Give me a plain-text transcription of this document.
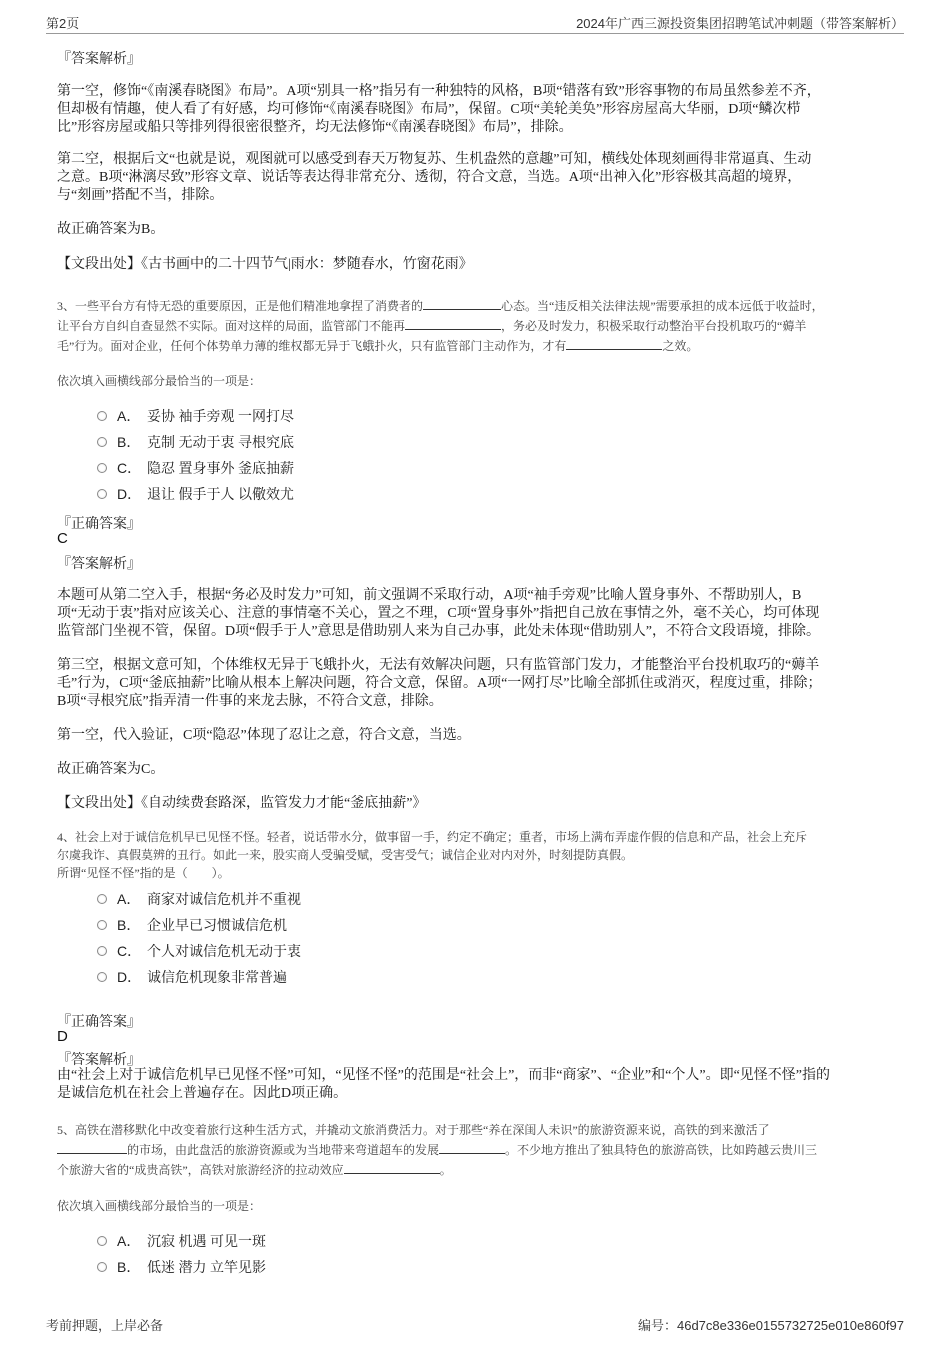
第2页	2024年广西三源投资集团招聘笔试冲刺题（带答案解析）
『答案解析』
第一空，修饰“《南溪春晓图》布局”。A项“别具一格”指另有一种独特的风格，B项“错落有致”形容事物的布局虽然参差不齐，
但却极有情趣，使人看了有好感，均可修饰“《南溪春晓图》布局”，保留。C项“美轮美奂”形容房屋高大华丽，D项“鳞次栉
比”形容房屋或船只等排列得很密很整齐，均无法修饰“《南溪春晓图》布局”，排除。
第二空，根据后文“也就是说，观图就可以感受到春天万物复苏、生机盎然的意趣”可知，横线处体现刻画得非常逼真、生动
之意。B项“淋漓尽致”形容文章、说话等表达得非常充分、透彻，符合文意，当选。A项“出神入化”形容极其高超的境界，
与“刻画”搭配不当，排除。
故正确答案为B。
【文段出处】《古书画中的二十四节气|雨水：梦随春水，竹窗花雨》
3、一些平台方有恃无恐的重要原因，正是他们精准地拿捏了消费者的	心态。当“违反相关法律法规”需要承担的成本远低于收益时，
让平台方自纠自查显然不实际。面对这样的局面，监管部门不能再	，务必及时发力，积极采取行动整治平台投机取巧的“薅羊
毛”行为。面对企业，任何个体势单力薄的维权都无异于飞蛾扑火，只有监管部门主动作为，才有	之效。
依次填入画横线部分最恰当的一项是：
A． 妥协 袖手旁观 一网打尽
B． 克制 无动于衷 寻根究底
C． 隐忍 置身事外 釜底抽薪
D． 退让 假手于人 以儆效尤
『正确答案』
C
『答案解析』
本题可从第二空入手，根据“务必及时发力”可知，前文强调不采取行动，A项“袖手旁观”比喻人置身事外、不帮助别人，B
项“无动于衷”指对应该关心、注意的事情毫不关心，置之不理，C项“置身事外”指把自己放在事情之外，毫不关心，均可体现
监管部门坐视不管，保留。D项“假手于人”意思是借助别人来为自己办事，此处未体现“借助别人”，不符合文段语境，排除。
第三空，根据文意可知，个体维权无异于飞蛾扑火，无法有效解决问题，只有监管部门发力，才能整治平台投机取巧的“薅羊
毛”行为，C项“釜底抽薪”比喻从根本上解决问题，符合文意，保留。A项“一网打尽”比喻全部抓住或消灭，程度过重，排除；
B项“寻根究底”指弄清一件事的来龙去脉，不符合文意，排除。
第一空，代入验证，C项“隐忍”体现了忍让之意，符合文意，当选。
故正确答案为C。
【文段出处】《自动续费套路深，监管发力才能“釜底抽薪”》
4、社会上对于诚信危机早已见怪不怪。轻者，说话带水分，做事留一手，约定不确定；重者，市场上满布弄虚作假的信息和产品，社会上充斥
尔虞我诈、真假莫辨的丑行。如此一来，股实商人受骗受赋，受害受气；诚信企业对内对外，时刻提防真假。
所谓“见怪不怪”指的是（　　）。
A． 商家对诚信危机并不重视
B． 企业早已习惯诚信危机
C． 个人对诚信危机无动于衷
D． 诚信危机现象非常普遍
『正确答案』
D
『答案解析』
由“社会上对于诚信危机早已见怪不怪”可知，“见怪不怪”的范围是“社会上”，而非“商家”、“企业”和“个人”。即“见怪不怪”指的
是诚信危机在社会上普遍存在。因此D项正确。
5、高铁在潜移默化中改变着旅行这种生活方式，并撬动文旅消费活力。对于那些“养在深闺人未识”的旅游资源来说，高铁的到来激活了
的市场，由此盘活的旅游资源或为当地带来弯道超车的发展	。不少地方推出了独具特色的旅游高铁，比如跨越云贵川三
个旅游大省的“成贵高铁”，高铁对旅游经济的拉动效应	。
依次填入画横线部分最恰当的一项是：
A． 沉寂 机遇 可见一斑
B． 低迷 潜力 立竿见影
考前押题，上岸必备	编号：46d7c8e336e0155732725e010e860f97
